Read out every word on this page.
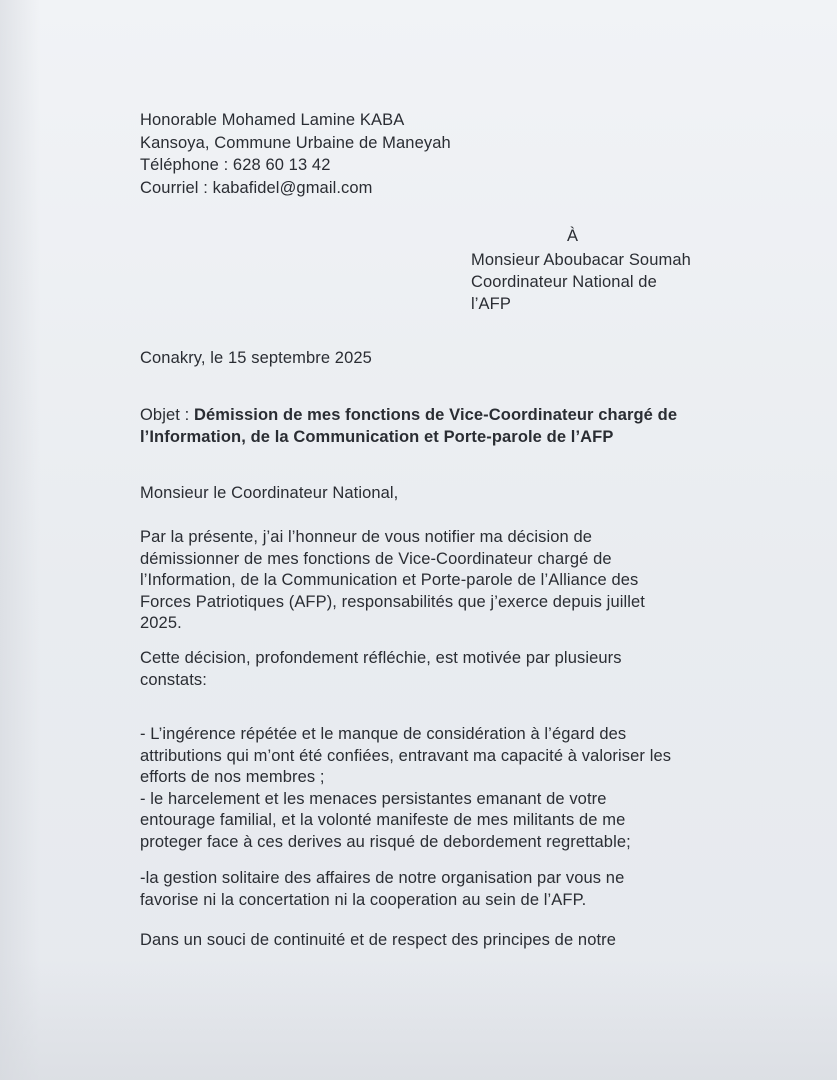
Honorable Mohamed Lamine KABA
Kansoya, Commune Urbaine de Maneyah
Téléphone : 628 60 13 42
Courriel : kabafidel@gmail.com
À
Monsieur Aboubacar Soumah
Coordinateur National de
l’AFP
Conakry, le 15 septembre 2025
Objet : Démission de mes fonctions de Vice-Coordinateur chargé de
l’Information, de la Communication et Porte-parole de l’AFP
Monsieur le Coordinateur National,
Par la présente, j’ai l’honneur de vous notifier ma décision de
démissionner de mes fonctions de Vice-Coordinateur chargé de
l’Information, de la Communication et Porte-parole de l’Alliance des
Forces Patriotiques (AFP), responsabilités que j’exerce depuis juillet
2025.
Cette décision, profondement réfléchie, est motivée par plusieurs
constats:
- L’ingérence répétée et le manque de considération à l’égard des
attributions qui m’ont été confiées, entravant ma capacité à valoriser les
efforts de nos membres ;
- le harcelement et les menaces persistantes emanant de votre
entourage familial, et la volonté manifeste de mes militants de me
proteger face à ces derives au risqué de debordement regrettable;
-la gestion solitaire des affaires de notre organisation par vous ne
favorise ni la concertation ni la cooperation au sein de l’AFP.
Dans un souci de continuité et de respect des principes de notre
